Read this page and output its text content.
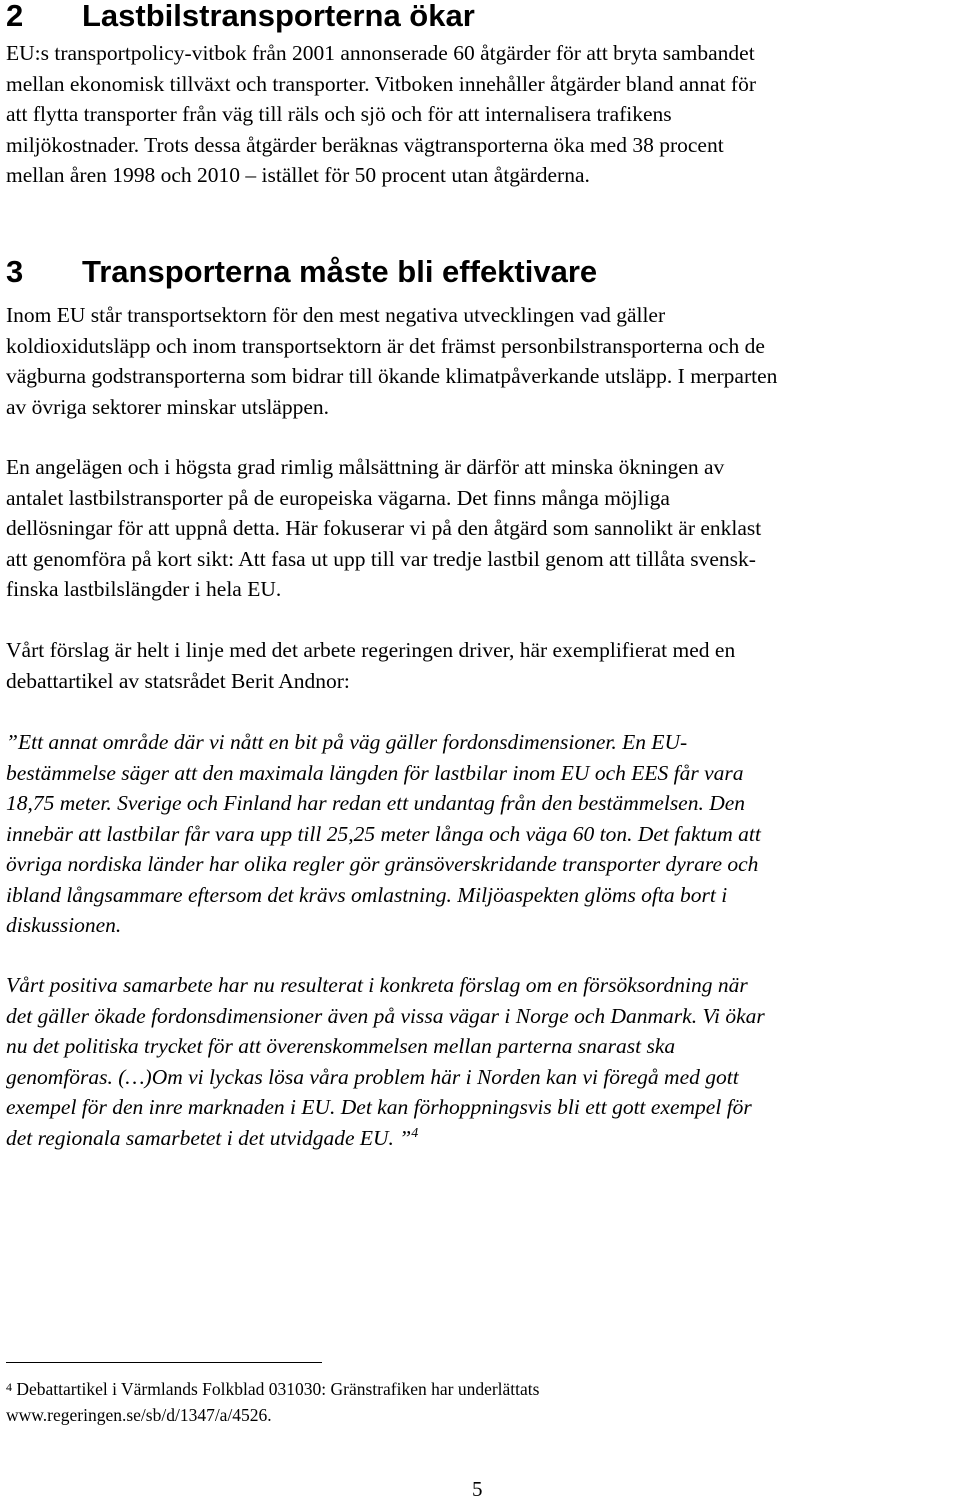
2 Lastbilstransporterna ökar

EU:s transportpolicy-vitbok från 2001 annonserade 60 åtgärder för att bryta sambandet
mellan ekonomisk tillväxt och transporter. Vitboken innehåller åtgärder bland annat för
att flytta transporter från väg till räls och sjö och för att internalisera trafikens
miljökostnader. Trots dessa åtgärder beräknas vägtransporterna öka med 38 procent
mellan åren 1998 och 2010 – istället för 50 procent utan åtgärderna.

3 Transporterna måste bli effektivare

Inom EU står transportsektorn för den mest negativa utvecklingen vad gäller
koldioxidutsläpp och inom transportsektorn är det främst personbilstransporterna och de
vägburna godstransporterna som bidrar till ökande klimatpåverkande utsläpp. I merparten
av övriga sektorer minskar utsläppen.

En angelägen och i högsta grad rimlig målsättning är därför att minska ökningen av
antalet lastbilstransporter på de europeiska vägarna. Det finns många möjliga
dellösningar för att uppnå detta. Här fokuserar vi på den åtgärd som sannolikt är enklast
att genomföra på kort sikt: Att fasa ut upp till var tredje lastbil genom att tillåta svensk-
finska lastbilslängder i hela EU.

Vårt förslag är helt i linje med det arbete regeringen driver, här exemplifierat med en
debattartikel av statsrådet Berit Andnor:

”Ett annat område där vi nått en bit på väg gäller fordonsdimensioner. En EU-
bestämmelse säger att den maximala längden för lastbilar inom EU och EES får vara
18,75 meter. Sverige och Finland har redan ett undantag från den bestämmelsen. Den
innebär att lastbilar får vara upp till 25,25 meter långa och väga 60 ton. Det faktum att
övriga nordiska länder har olika regler gör gränsöverskridande transporter dyrare och
ibland långsammare eftersom det krävs omlastning. Miljöaspekten glöms ofta bort i
diskussionen.

Vårt positiva samarbete har nu resulterat i konkreta förslag om en försöksordning när
det gäller ökade fordonsdimensioner även på vissa vägar i Norge och Danmark. Vi ökar
nu det politiska trycket för att överenskommelsen mellan parterna snarast ska
genomföras. (…)Om vi lyckas lösa våra problem här i Norden kan vi föregå med gott
exempel för den inre marknaden i EU. Det kan förhoppningsvis bli ett gott exempel för
det regionala samarbetet i det utvidgade EU. ”$^4$

$^4$ Debattartikel i Värmlands Folkblad 031030: Gränstrafiken har underlättats
www.regeringen.se/sb/d/1347/a/4526.

5
